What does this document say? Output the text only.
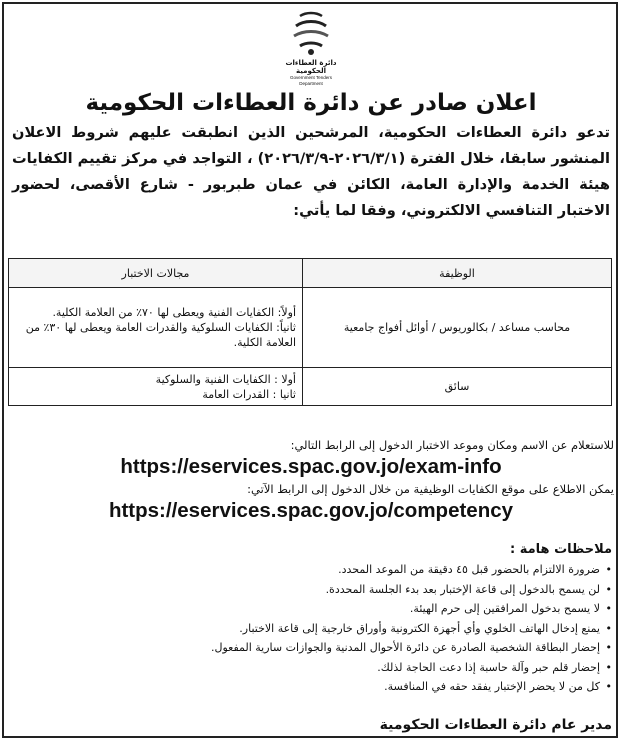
دائرة العطاءات الحكومية
Government Tenders Department
اعلان صادر عن دائرة العطاءات الحكومية
تدعو دائرة العطاءات الحكومية، المرشحين الذين انطبقت عليهم شروط الاعلان المنشور سابقا، خلال الفترة (٢٠٢٦/٣/١-٢٠٢٦/٣/٩) ، التواجد في مركز تقييم الكفايات هيئة الخدمة والإدارة العامة، الكائن في عمان طبربور - شارع الأقصى، لحضور الاختبار التنافسي الالكتروني، وفقا لما يأتي:
الوظيفة	مجالات الاختبار
محاسب مساعد / بكالوريوس / أوائل أفواج جامعية	أولاً: الكفايات الفنية ويعطى لها ٧٠٪ من العلامة الكلية.
ثانياً: الكفايات السلوكية والقدرات العامة ويعطى لها ٣٠٪ من العلامة الكلية.

سائق	أولا : الكفايات الفنية والسلوكية
ثانيا : القدرات العامة
للاستعلام عن الاسم ومكان وموعد الاختبار الدخول إلى الرابط التالي:
https://eservices.spac.gov.jo/exam-info
يمكن الاطلاع على موقع الكفايات الوظيفية من خلال الدخول إلى الرابط الآتي:
https://eservices.spac.gov.jo/competency
ملاحظات هامة :
• ضرورة الالتزام بالحضور قبل ٤٥ دقيقة من الموعد المحدد.
• لن يسمح بالدخول إلى قاعة الإختبار بعد بدء الجلسة المحددة.
• لا يسمح بدخول المرافقين إلى حرم الهيئة.
• يمنع إدخال الهاتف الخلوي وأي أجهزة الكترونية وأوراق خارجية إلى قاعة الاختبار.
• إحضار البطاقة الشخصية الصادرة عن دائرة الأحوال المدنية والجوازات سارية المفعول.
• إحضار قلم حبر وآلة حاسبة إذا دعت الحاجة لذلك.
• كل من لا يحضر الإختبار يفقد حقه في المنافسة.
مدير عام دائرة العطاءات الحكومية
